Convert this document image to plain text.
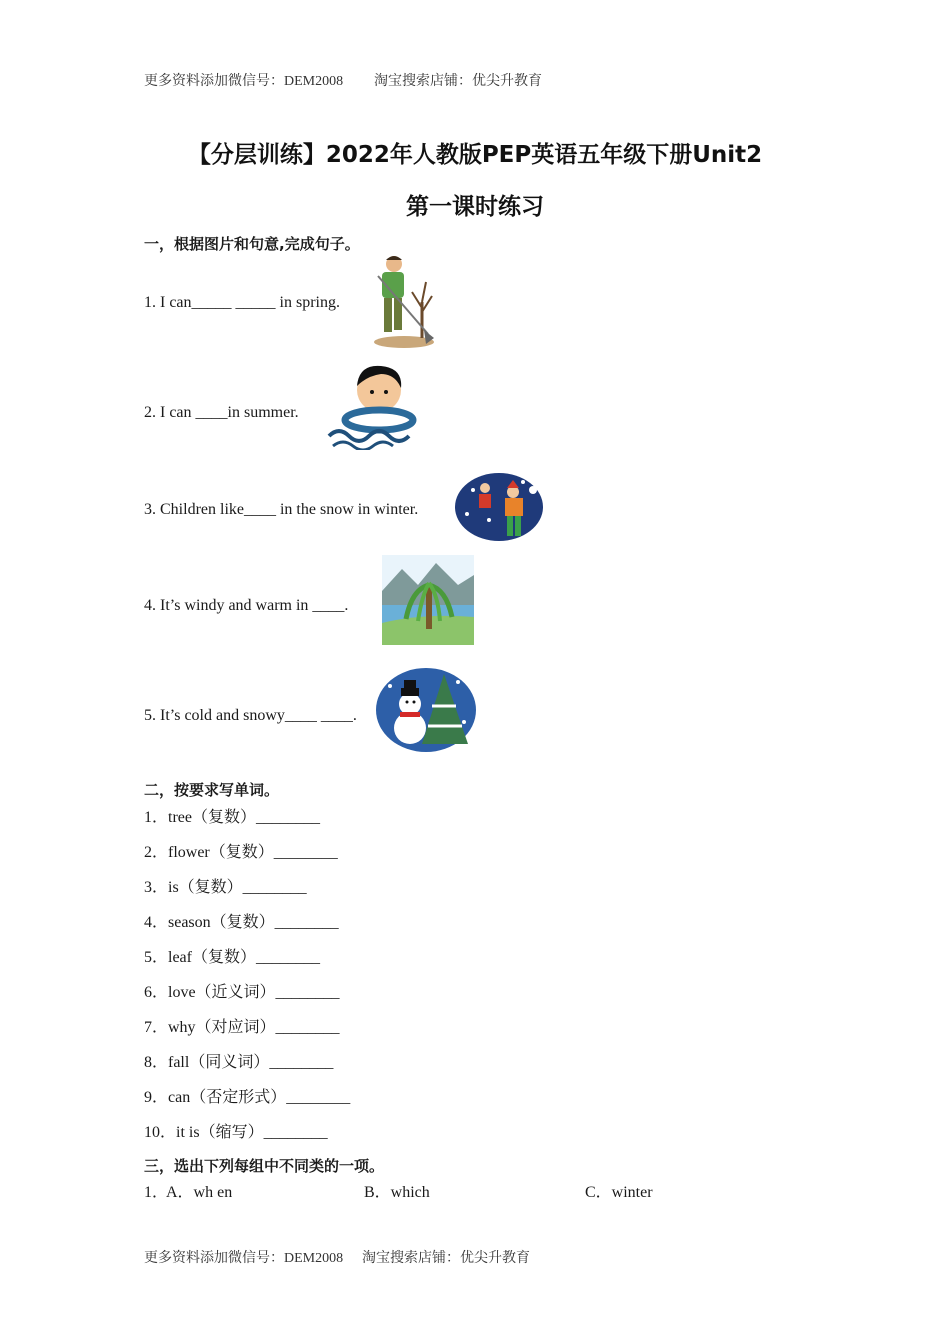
更多资料添加微信号：DEM2008 淘宝搜索店铺：优尖升教育
【分层训练】2022年人教版PEP英语五年级下册Unit2
第一课时练习
一，根据图片和句意,完成句子。
1. I can_____ _____ in spring.
2. I can ____in summer.
3. Children like____ in the snow in winter.
4. It’s windy and warm in ____.
5. It’s cold and snowy____ ____.
二，按要求写单词。
1．tree（复数）________
2．flower（复数）________
3．is（复数）________
4．season（复数）________
5．leaf（复数）________
6．love（近义词）________
7．why（对应词）________
8．fall（同义词）________
9．can（否定形式）________
10．it is（缩写）________
三，选出下列每组中不同类的一项。
1．
A．wh en	B．which	C．winter
更多资料添加微信号：DEM2008 淘宝搜索店铺：优尖升教育
